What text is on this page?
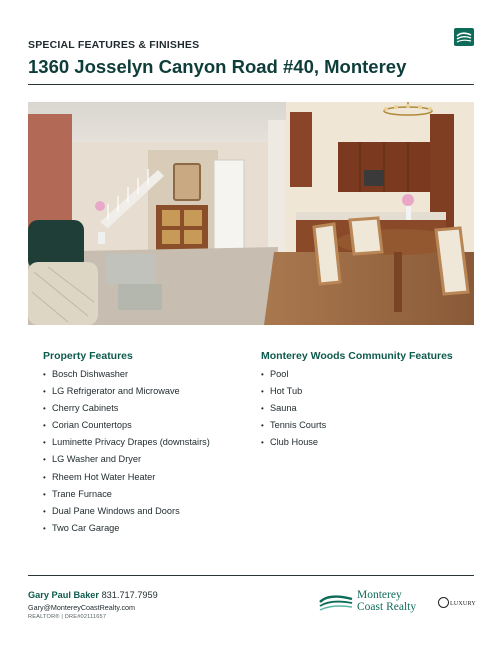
SPECIAL FEATURES & FINISHES
1360 Josselyn Canyon Road #40, Monterey
Property Features
• Bosch Dishwasher
• LG Refrigerator and Microwave
• Cherry Cabinets
• Corian Countertops
• Luminette Privacy Drapes (downstairs)
• LG Washer and Dryer
• Rheem Hot Water Heater
• Trane Furnace
• Dual Pane Windows and Doors
• Two Car Garage
Monterey Woods Community Features
• Pool
• Hot Tub
• Sauna
• Tennis Courts
• Club House
Gary Paul Baker 831.717.7959
Gary@MontereyCoastRealty.com
REALTOR® | DRE#02111657
Monterey
Coast Realty	LUXURY
